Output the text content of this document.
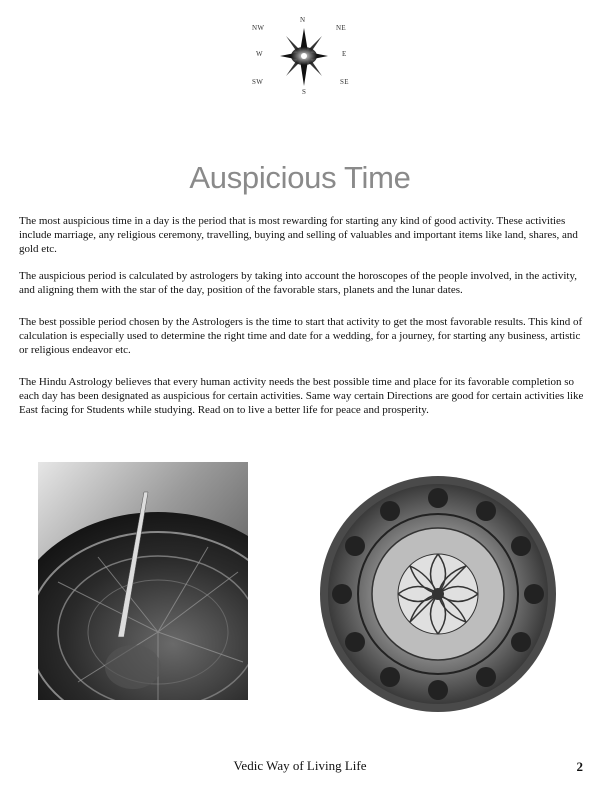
N
NE
E
SE
S
SW
W
NW
Auspicious Time

The most auspicious time in a day is the period that is most rewarding for starting any kind of good activity. These activities include marriage, any religious ceremony, travelling, buying and selling of valuables and important items like land, shares, and gold etc.

The auspicious period is calculated by astrologers by taking into account the horoscopes of the people involved, in the activity, and aligning them with the star of the day, position of the favorable stars, planets and the lunar dates.

The best possible period chosen by the Astrologers is the time to start that activity to get the most favorable results. This kind of calculation is especially used to determine the right time and date for a wedding, for a journey, for starting any business, artistic or religious endeavor etc.

The Hindu Astrology believes that every human activity needs the best possible time and place for its favorable completion so each day has been designated as auspicious for certain activities. Same way certain Directions are good for certain activities like East facing for Students while studying. Read on to live a better life for peace and prosperity.

Vedic Way of Living Life	2
